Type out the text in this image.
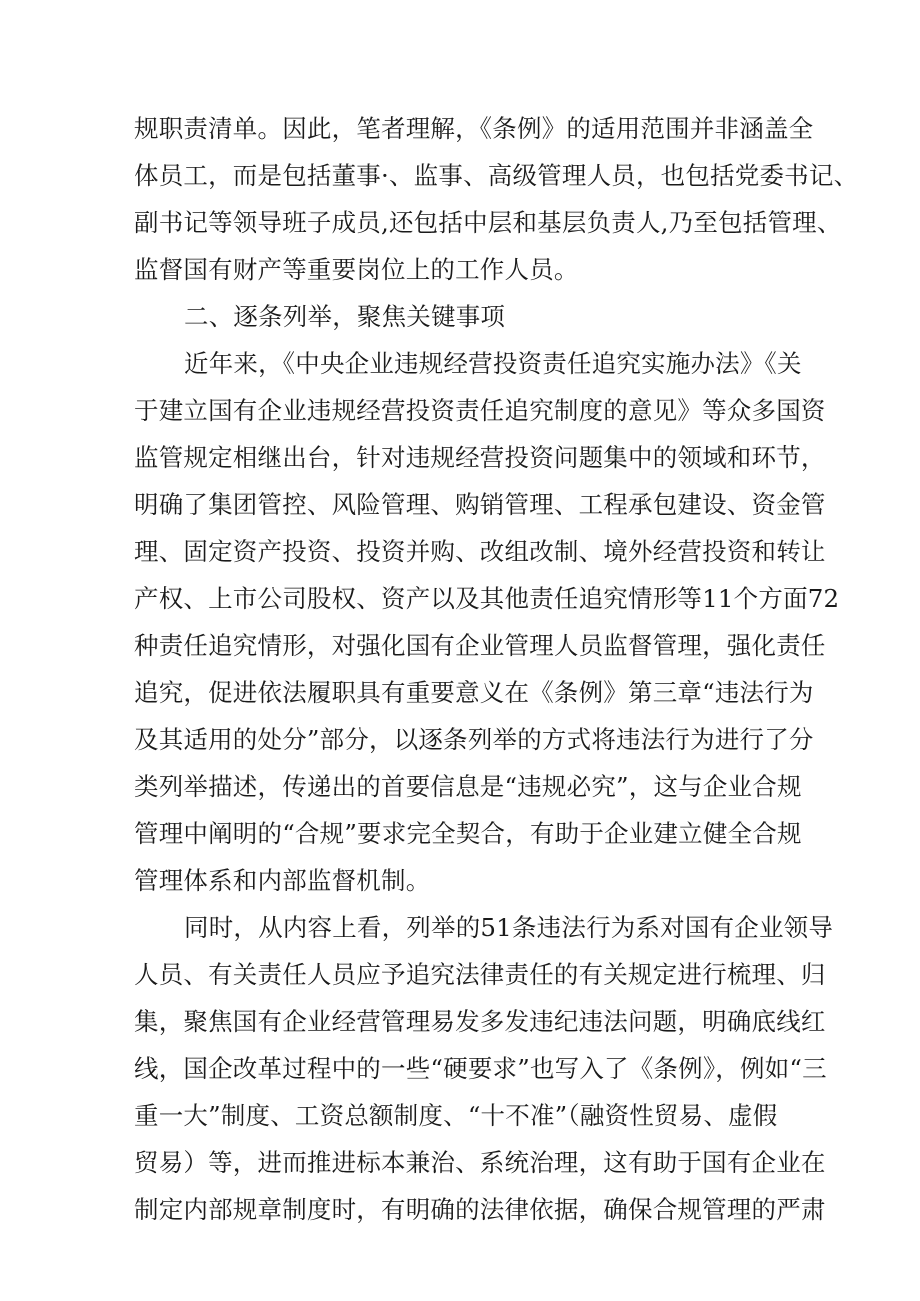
规职责清单。因此，笔者理解，《条例》的适用范围并非涵盖全
体员工，而是包括董事·、监事、高级管理人员，也包括党委书记、
副书记等领导班子成员,还包括中层和基层负责人,乃至包括管理、
监督国有财产等重要岗位上的工作人员。
二、逐条列举，聚焦关键事项
近年来，《中央企业违规经营投资责任追究实施办法》《关
于建立国有企业违规经营投资责任追究制度的意见》等众多国资
监管规定相继出台，针对违规经营投资问题集中的领域和环节，
明确了集团管控、风险管理、购销管理、工程承包建设、资金管
理、固定资产投资、投资并购、改组改制、境外经营投资和转让
产权、上市公司股权、资产以及其他责任追究情形等11个方面72
种责任追究情形，对强化国有企业管理人员监督管理，强化责任
追究，促进依法履职具有重要意义在《条例》第三章“违法行为
及其适用的处分”部分，以逐条列举的方式将违法行为进行了分
类列举描述，传递出的首要信息是“违规必究”，这与企业合规
管理中阐明的“合规”要求完全契合，有助于企业建立健全合规
管理体系和内部监督机制。
同时，从内容上看，列举的51条违法行为系对国有企业领导
人员、有关责任人员应予追究法律责任的有关规定进行梳理、归
集，聚焦国有企业经营管理易发多发违纪违法问题，明确底线红
线，国企改革过程中的一些“硬要求”也写入了《条例》，例如“三
重一大”制度、工资总额制度、“十不准”（融资性贸易、虚假
贸易）等，进而推进标本兼治、系统治理，这有助于国有企业在
制定内部规章制度时，有明确的法律依据，确保合规管理的严肃
